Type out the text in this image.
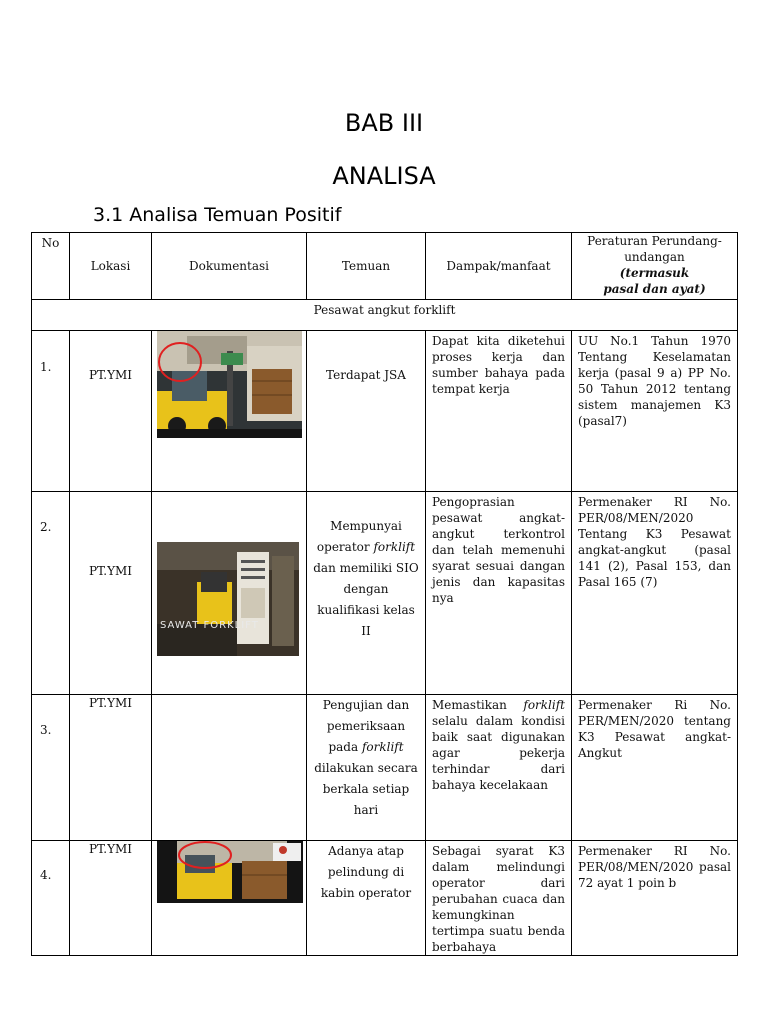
BAB III
ANALISA
3.1 Analisa Temuan Positif
No	Lokasi	Dokumentasi	Temuan	Dampak/manfaat	Peraturan Perundang-
undangan
(termasuk pasal dan ayat)

Pesawat angkut forklift					

1.	PT.YMI		Terdapat JSA	Dapat kita diketehui proses kerja dan sumber bahaya pada tempat kerja	UU No.1 Tahun 1970 Tentang Keselamatan kerja (pasal 9 a) PP No. 50 Tahun 2012 tentang sistem manajemen K3 (pasal7)

2.	PT.YMI	SAWAT FORKLIFT	Mempunyai operator forklift dan memiliki SIO dengan kualifikasi kelas II	Pengoprasian pesawat angkat-angkut terkontrol dan telah memenuhi syarat sesuai dangan jenis dan kapasitas nya	Permenaker RI No. PER/08/MEN/2020 Tentang K3 Pesawat angkat-angkut (pasal 141 (2), Pasal 153, dan Pasal 165 (7)

3.	PT.YMI		Pengujian dan pemeriksaan pada forklift dilakukan secara berkala setiap hari	Memastikan forklift selalu dalam kondisi baik saat digunakan agar pekerja terhindar dari bahaya kecelakaan	Permenaker Ri No. PER/MEN/2020 tentang K3 Pesawat angkat-Angkut

4.	PT.YMI		Adanya atap pelindung di kabin operator	Sebagai syarat K3 dalam melindungi operator dari perubahan cuaca dan kemungkinan tertimpa suatu benda berbahaya	Permenaker RI No. PER/08/MEN/2020 pasal 72 ayat 1 poin b
